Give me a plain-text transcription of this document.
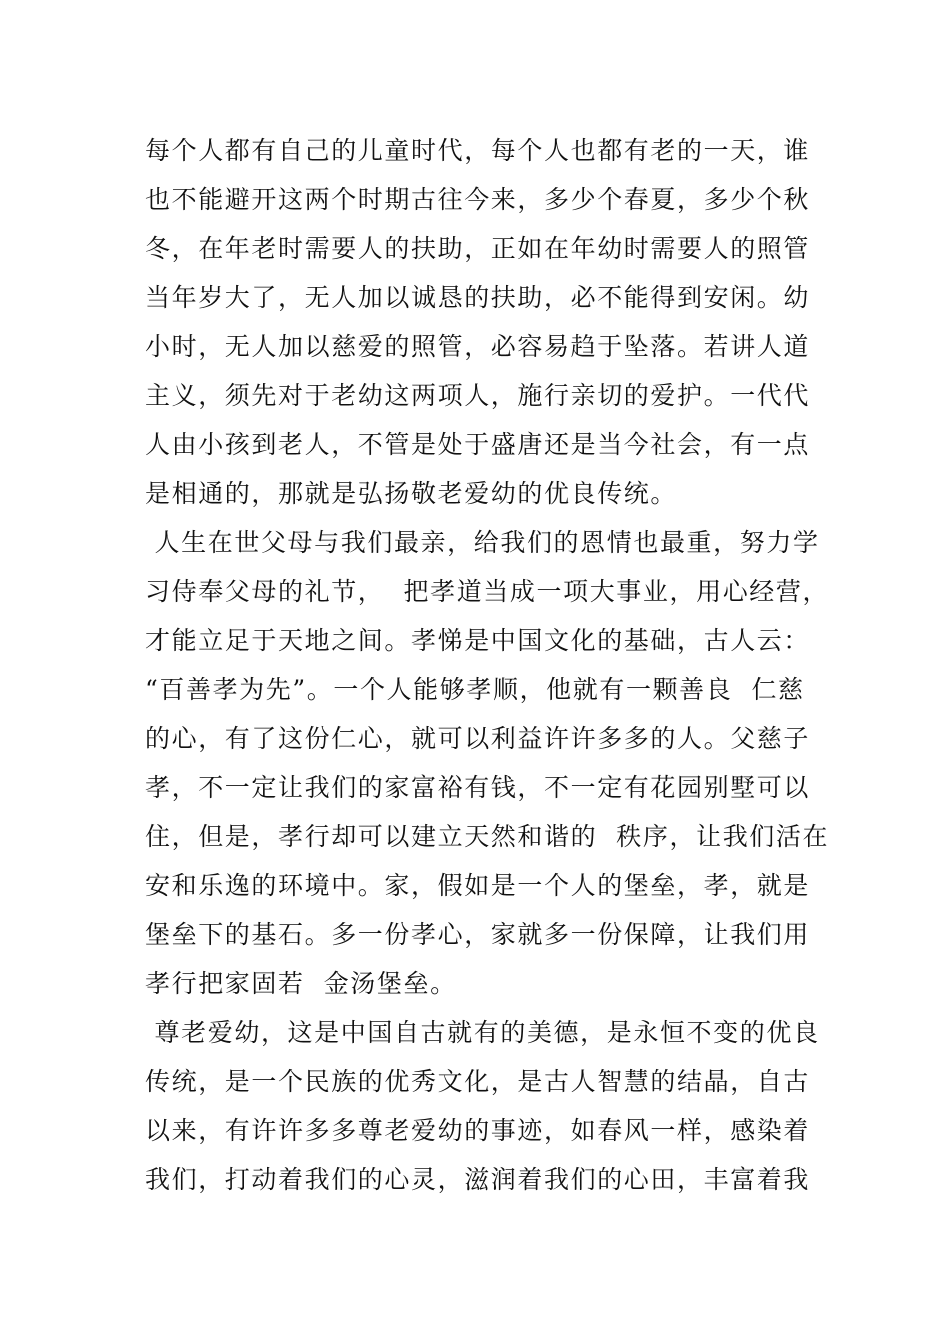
每个人都有自己的儿童时代，每个人也都有老的一天，谁
也不能避开这两个时期古往今来，多少个春夏，多少个秋
冬，在年老时需要人的扶助，正如在年幼时需要人的照管
当年岁大了，无人加以诚恳的扶助，必不能得到安闲。幼
小时，无人加以慈爱的照管，必容易趋于坠落。若讲人道
主义，须先对于老幼这两项人，施行亲切的爱护。一代代
人由小孩到老人，不管是处于盛唐还是当今社会，有一点
是相通的，那就是弘扬敬老爱幼的优良传统。
人生在世父母与我们最亲，给我们的恩情也最重，努力学
习侍奉父母的礼节，  把孝道当成一项大事业，用心经营，
才能立足于天地之间。孝悌是中国文化的基础，古人云：
“百善孝为先”。一个人能够孝顺，他就有一颗善良  仁慈
的心，有了这份仁心，就可以利益许许多多的人。父慈子
孝，不一定让我们的家富裕有钱，不一定有花园别墅可以
住，但是，孝行却可以建立天然和谐的  秩序，让我们活在
安和乐逸的环境中。家，假如是一个人的堡垒，孝，就是
堡垒下的基石。多一份孝心，家就多一份保障，让我们用
孝行把家固若  金汤堡垒。
尊老爱幼，这是中国自古就有的美德，是永恒不变的优良
传统，是一个民族的优秀文化，是古人智慧的结晶，自古
以来，有许许多多尊老爱幼的事迹，如春风一样，感染着
我们，打动着我们的心灵，滋润着我们的心田，丰富着我
